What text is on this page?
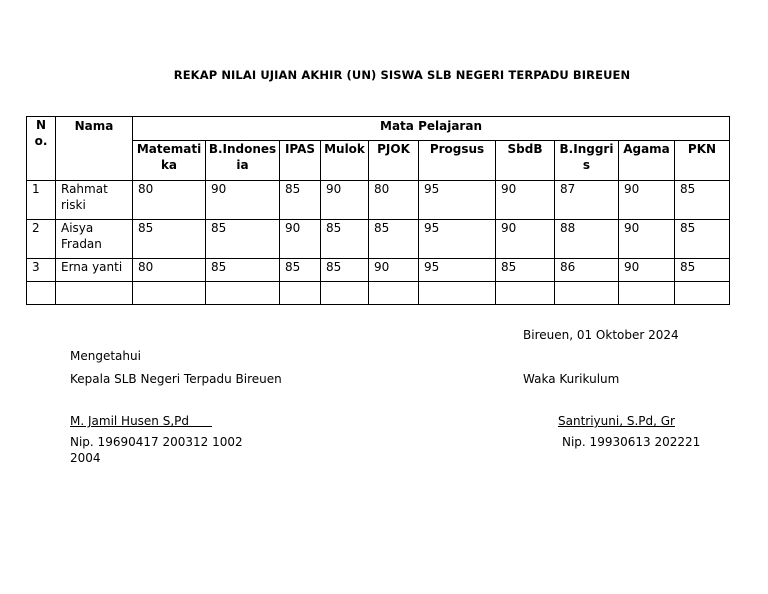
REKAP NILAI UJIAN AKHIR (UN) SISWA SLB NEGERI TERPADU BIREUEN
No.	Nama	Mata Pelajaran									
		Matematika	B.Indonesia	IPAS	Mulok	PJOK	Progsus	SbdB	B.Inggris	Agama	PKN
1	Rahmat riski	80	90	85	90	80	95	90	87	90	85
2	Aisya Fradan	85	85	90	85	85	95	90	88	90	85
3	Erna yanti	80	85	85	85	90	95	85	86	90	85

Bireuen, 01 Oktober 2024
Mengetahui
Kepala SLB Negeri Terpadu Bireuen	Waka Kurikulum
M. Jamil Husen S,Pd	Santriyuni, S.Pd, Gr
Nip. 19690417 200312 1002
2004
Nip. 19930613 202221
